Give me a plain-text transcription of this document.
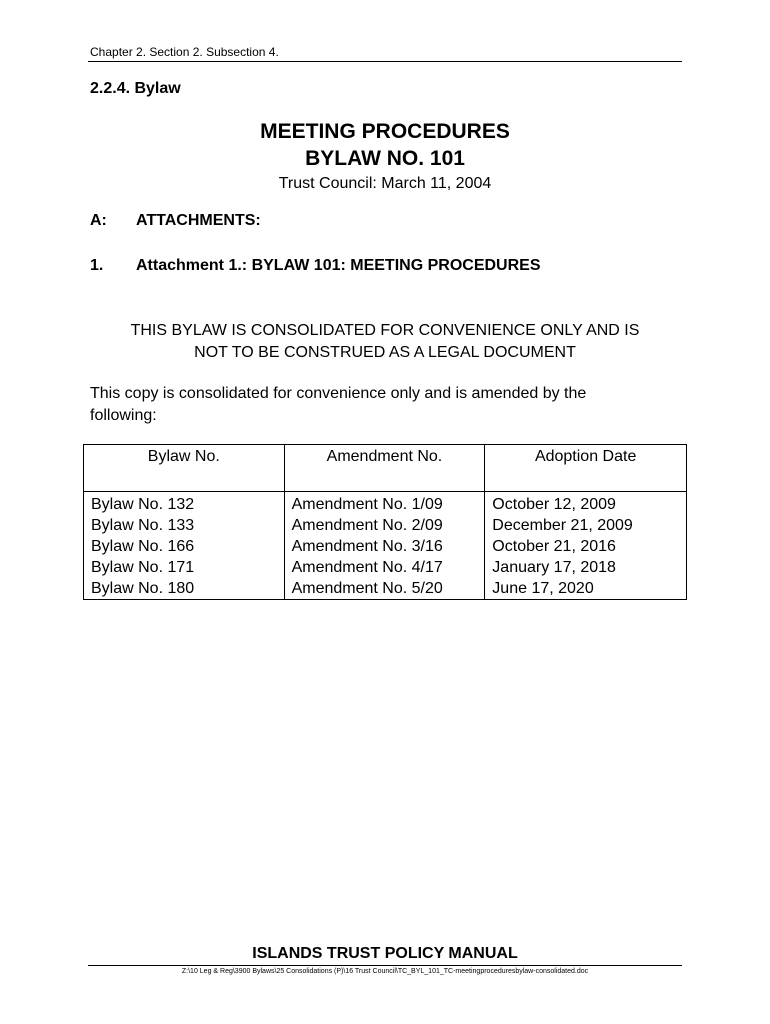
Chapter 2. Section 2. Subsection 4.
2.2.4. Bylaw
MEETING PROCEDURES
BYLAW NO. 101
Trust Council: March 11, 2004
A: ATTACHMENTS:
1. Attachment 1.: BYLAW 101: MEETING PROCEDURES
THIS BYLAW IS CONSOLIDATED FOR CONVENIENCE ONLY AND IS
NOT TO BE CONSTRUED AS A LEGAL DOCUMENT
This copy is consolidated for convenience only and is amended by the
following:
Bylaw No.	Amendment No.	Adoption Date
Bylaw No. 132	Amendment No. 1/09	October 12, 2009
Bylaw No. 133	Amendment No. 2/09	December 21, 2009
Bylaw No. 166	Amendment No. 3/16	October 21, 2016
Bylaw No. 171	Amendment No. 4/17	January 17, 2018
Bylaw No. 180	Amendment No. 5/20	June 17, 2020
ISLANDS TRUST POLICY MANUAL
Z:\10 Leg & Reg\3900 Bylaws\25 Consolidations (P)\16 Trust Council\TC_BYL_101_TC-meetingproceduresbylaw-consolidated.doc
